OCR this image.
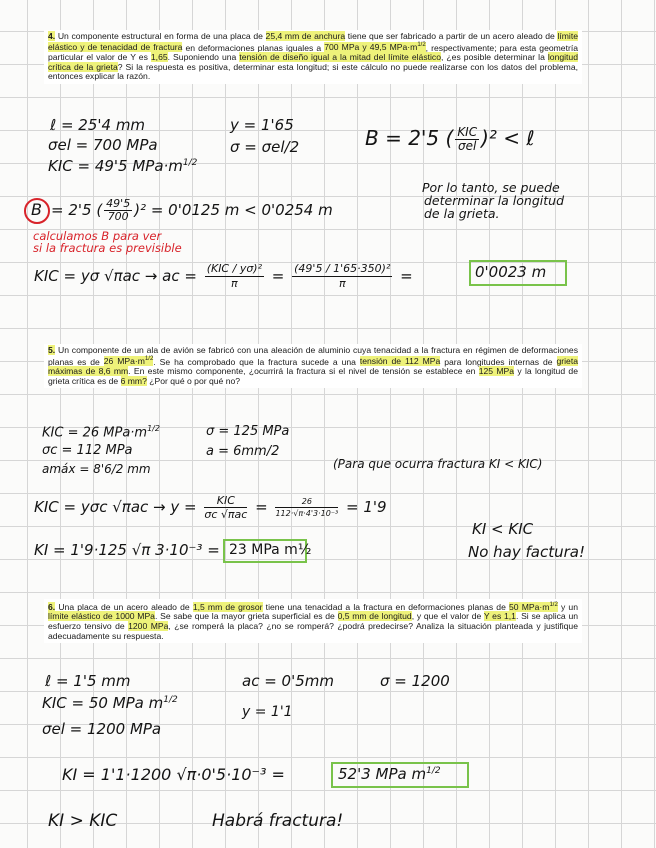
4. Un componente estructural en forma de una placa de 25,4 mm de anchura tiene que ser fabricado a partir de un acero aleado de límite elástico y de tenacidad de fractura en deformaciones planas iguales a 700 MPa y 49,5 $MPa\cdot m^{1/2}$, respectivamente; para esta geometría particular el valor de Y es 1,65. Suponiendo una tensión de diseño igual a la mitad del límite elástico, ¿es posible determinar la longitud crítica de la grieta? Si la respuesta es positiva, determinar esta longitud; si este cálculo no puede realizarse con los datos del problema, entonces explicar la razón.
ℓ = 25'4 mm
σel = 700 MPa
KIC = 49'5 $MPa\cdot m^{1/2}$
y = 1'65
σ = σel/2	B = 2'5 ( KIC
σel )² < ℓ
B = 2'5 ( $\frac{49'5}{700} )^2 = 0'0125$ m < 0'0254 m
Por lo tanto, se puede
determinar la longitud
de la grieta.
calculamos B para ver
si la fractura es previsible
KIC = yσ √πac → ac = (KIC / yσ)²
π	= $\frac{\text{(49'5 / 1'65·350)²}}{\pi}$ =	0'0023 m
5. Un componente de un ala de avión se fabricó con una aleación de aluminio cuya tenacidad a la fractura en régimen de deformaciones planas es de 26 $MPa\cdot m^{1/2}$. Se ha comprobado que la fractura sucede a una tensión de 112 MPa para longitudes internas de grieta máximas de 8,6 mm. En este mismo componente, ¿ocurrirá la fractura si el nivel de tensión se establece en 125 MPa y la longitud de grieta crítica es de 6 mm? ¿Por qué o por qué no?
KIC = 26 $MPa\cdot m^{1/2}$
σc = 112 MPa
amáx = 8'6/2 mm
σ = 125 MPa
a = 6mm/2
(Para que ocurra fractura KI < KIC)
KIC = yσc √πac → y =	KIC
σc $√\pi ac = \frac{26}{\text{112·√π·4'3·10⁻³}} = 1'9$
KI = 1'9·125 √π 3·10⁻³ = 23 MPa m½
KI < KIC
No hay factura!
6. Una placa de un acero aleado de 1,5 mm de grosor tiene una tenacidad a la fractura en deformaciones planas de 50 $MPa\cdot m^{1/2}$ y un límite elástico de 1000 MPa. Se sabe que la mayor grieta superficial es de 0,5 mm de longitud, y que el valor de Y es 1,1. Si se aplica un esfuerzo tensivo de 1200 MPa, ¿se romperá la placa? ¿no se romperá? ¿podrá predecirse? Analiza la situación planteada y justifique adecuadamente su respuesta.
ℓ = 1'5 mm
KIC = 50 MPa $m^{1/2}$
σel = 1200 MPa
ac = 0'5mm
y = 1'1
σ = 1200
KI = 1'1·1200 √π·0'5·10⁻³ =	52'3 MPa $m^{1/2}$
KI > KIC	Habrá fractura!
